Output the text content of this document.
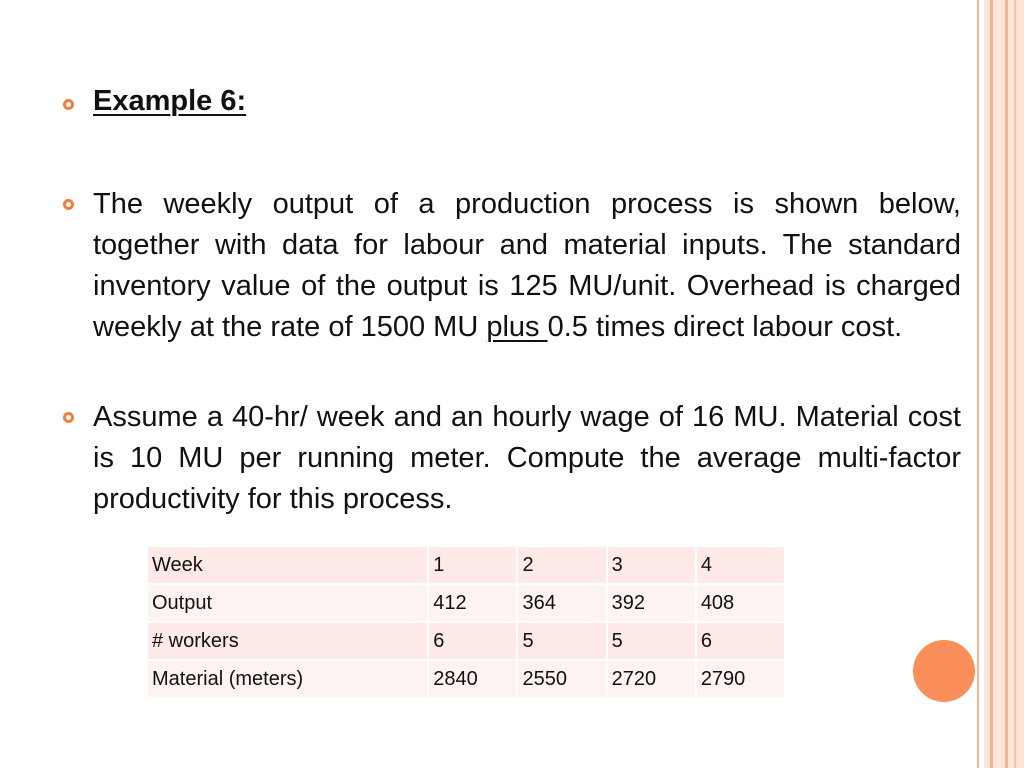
Example 6:
The weekly output of a production process is shown below, together with data for labour and material inputs. The standard inventory value of the output is 125 MU/unit. Overhead is charged weekly at the rate of 1500 MU plus 0.5 times direct labour cost.
Assume a 40-hr/ week and an hourly wage of 16 MU. Material cost is 10 MU per running meter. Compute the average multi-factor productivity for this process.
Week	1	2	3	4
Output	412	364	392	408
# workers	6	5	5	6
Material (meters)	2840	2550	2720	2790
